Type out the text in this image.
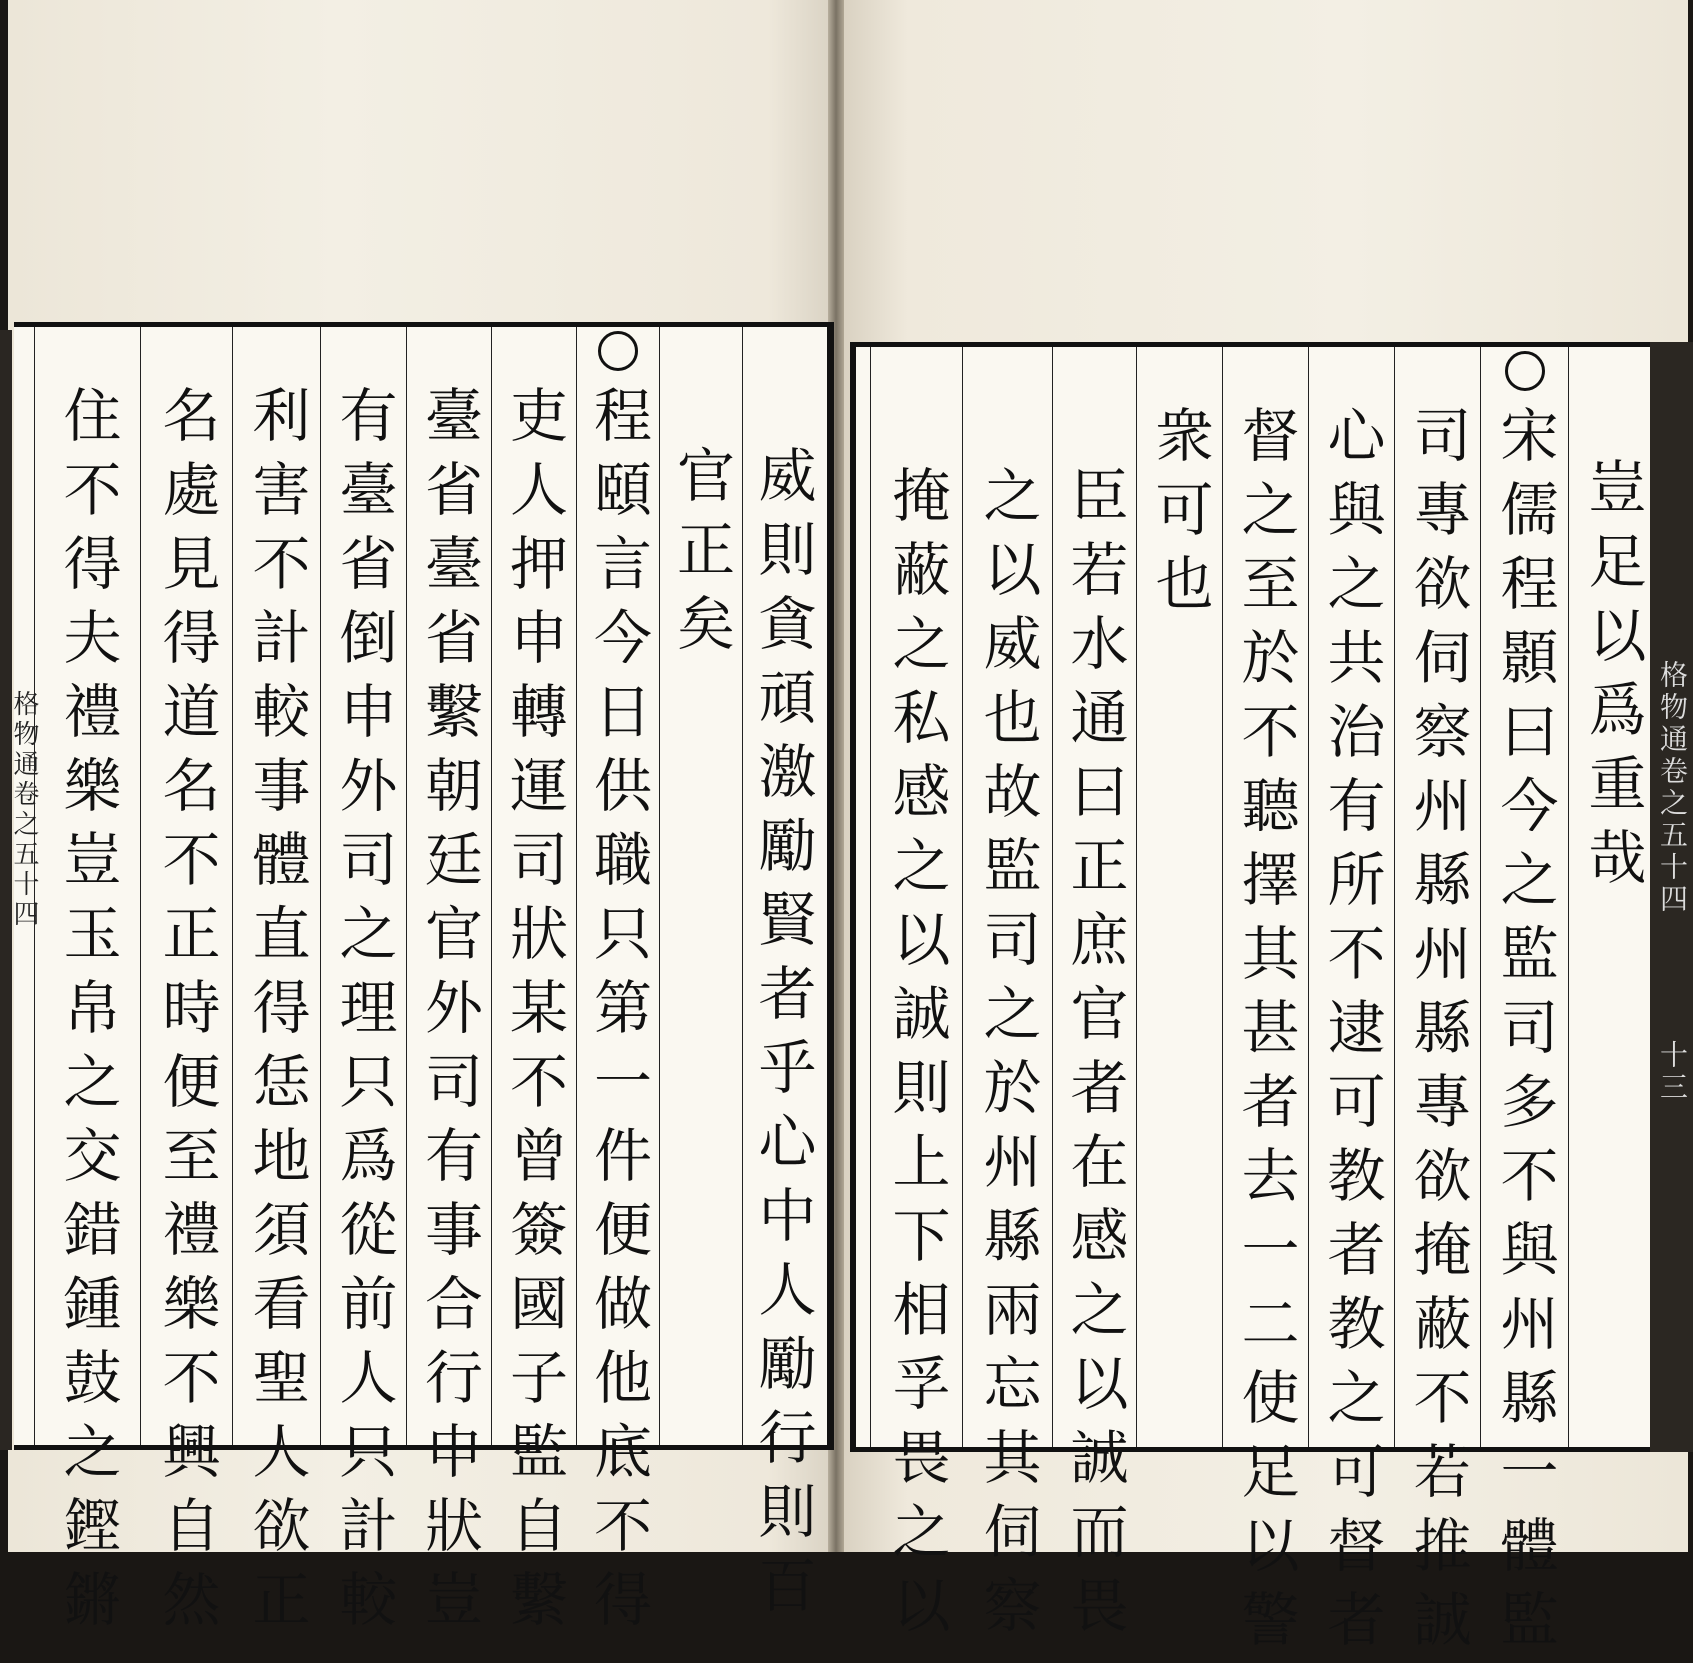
威則貪頑激勵賢者乎心中人勵行則百
官正矣
程頤言今日供職只第一件便做他底不得
吏人押申轉運司狀某不曾簽國子監自繫
臺省臺省繫朝廷官外司有事合行申狀豈
有臺省倒申外司之理只爲從前人只計較
利害不計較事體直得恁地須看聖人欲正
名處見得道名不正時便至禮樂不興自然
住不得夫禮樂豈玉帛之交錯鍾鼓之鏗鏘
格物通卷之五十四	豈足以爲重哉
宋儒程顥曰今之監司多不與州縣一體監
司專欲伺察州縣州縣專欲掩蔽不若推誠
心與之共治有所不逮可教者教之可督者
督之至於不聽擇其甚者去一二使足以警
衆可也
臣若水通曰正庶官者在感之以誠而畏
之以威也故監司之於州縣兩忘其伺察
掩蔽之私感之以誠則上下相孚畏之以	格物通卷之五十四
十三
